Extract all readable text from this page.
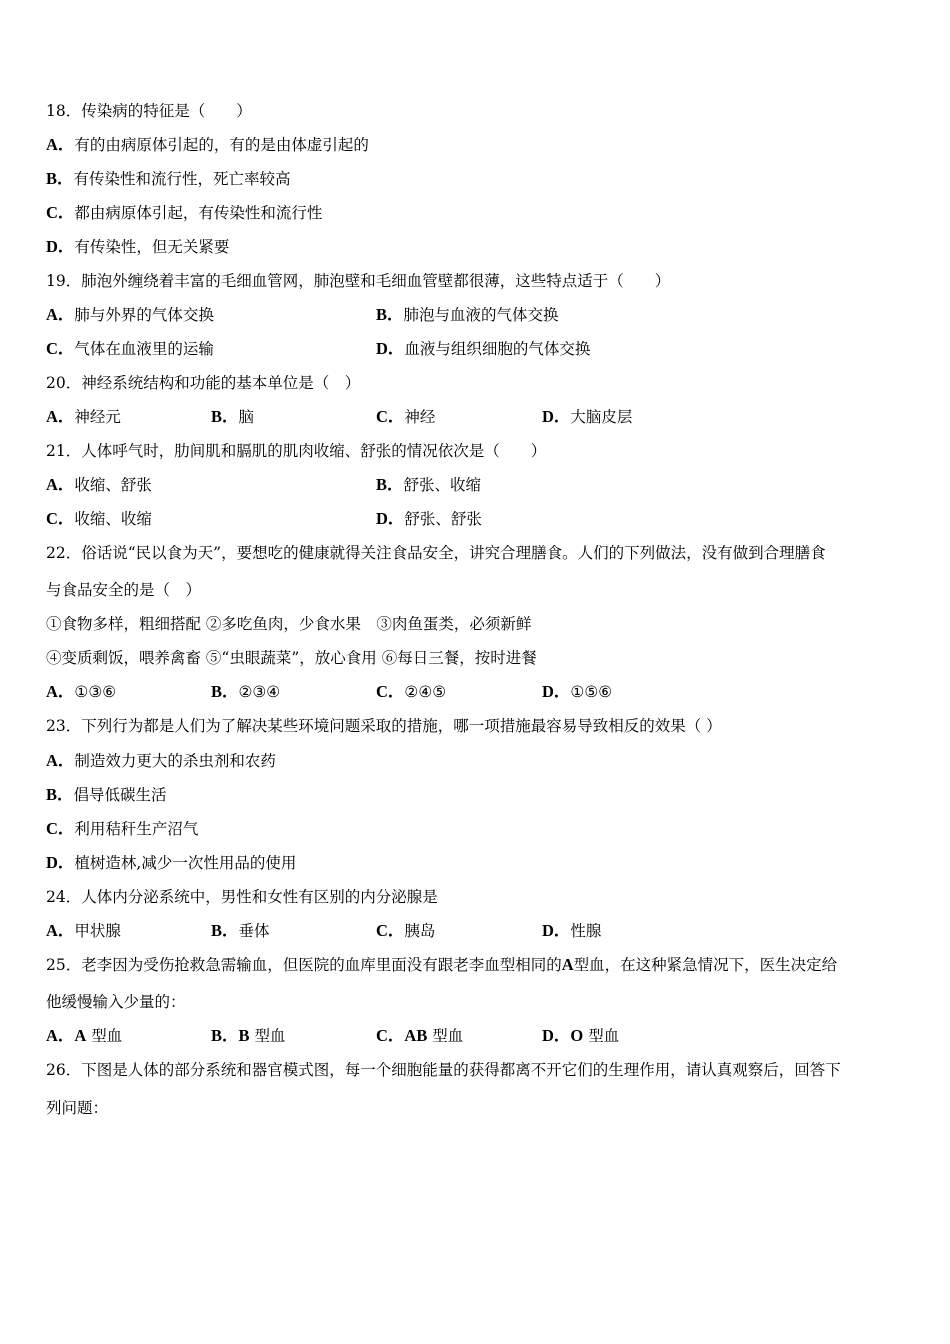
18．传染病的特征是（　　）
A．有的由病原体引起的，有的是由体虚引起的
B．有传染性和流行性，死亡率较高
C．都由病原体引起，有传染性和流行性
D．有传染性，但无关紧要
19．肺泡外缠绕着丰富的毛细血管网，肺泡壁和毛细血管壁都很薄，这些特点适于（　　）
A．肺与外界的气体交换	B．肺泡与血液的气体交换
C．气体在血液里的运输	D．血液与组织细胞的气体交换
20．神经系统结构和功能的基本单位是（　）
A．神经元	B．脑	C．神经	D．大脑皮层
21．人体呼气时，肋间肌和膈肌的肌肉收缩、舒张的情况依次是（　　）
A．收缩、舒张	B．舒张、收缩
C．收缩、收缩	D．舒张、舒张
22．俗话说“民以食为天”，要想吃的健康就得关注食品安全，讲究合理膳食。人们的下列做法，没有做到合理膳食
与食品安全的是（　）
①食物多样，粗细搭配 ②多吃鱼肉，少食水果　③肉鱼蛋类，必须新鲜
④变质剩饭，喂养禽畜 ⑤“虫眼蔬菜”，放心食用 ⑥每日三餐，按时进餐
A．①③⑥	B．②③④	C．②④⑤	D．①⑤⑥
23．下列行为都是人们为了解决某些环境问题采取的措施，哪一项措施最容易导致相反的效果（ ）
A．制造效力更大的杀虫剂和农药
B．倡导低碳生活
C．利用秸秆生产沼气
D．植树造林,减少一次性用品的使用
24．人体内分泌系统中，男性和女性有区别的内分泌腺是
A．甲状腺	B．垂体	C．胰岛	D．性腺
25．老李因为受伤抢救急需输血，但医院的血库里面没有跟老李血型相同的A型血，在这种紧急情况下，医生决定给
他缓慢输入少量的：
A．A 型血	B．B 型血	C．AB 型血	D．O 型血
26．下图是人体的部分系统和器官模式图，每一个细胞能量的获得都离不开它们的生理作用，请认真观察后，回答下
列问题：
